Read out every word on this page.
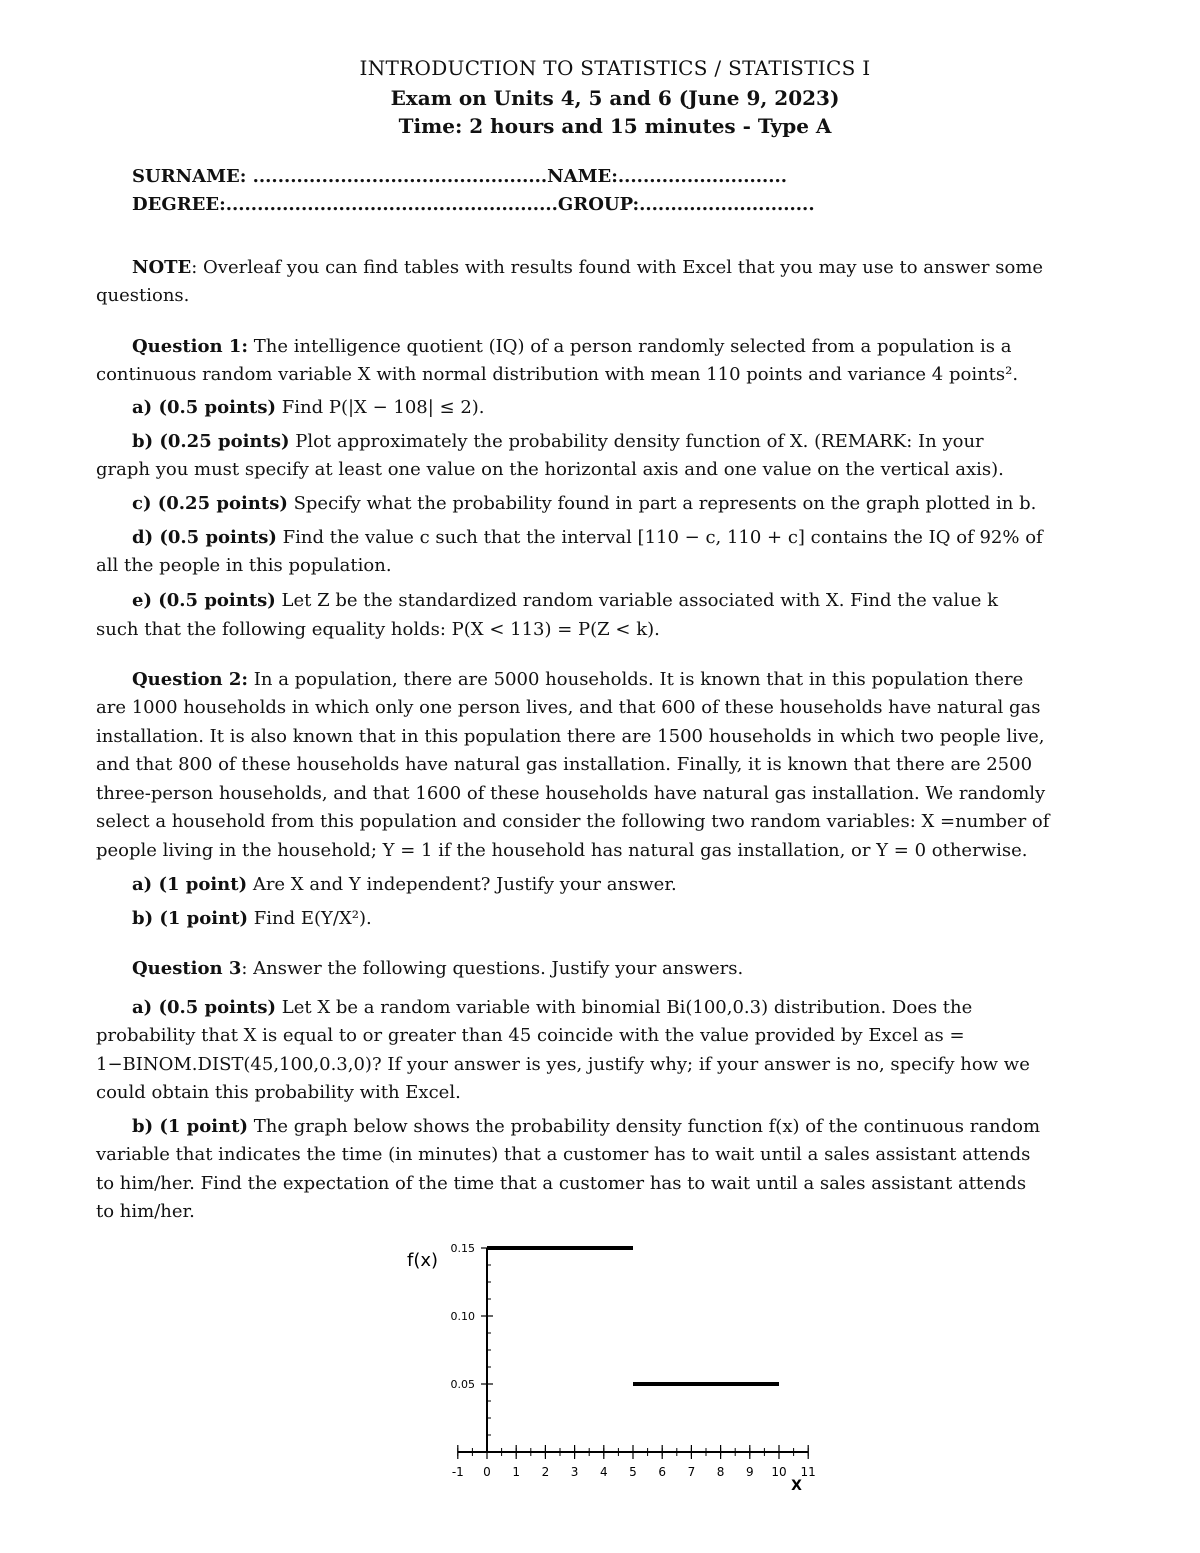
INTRODUCTION TO STATISTICS / STATISTICS I
Exam on Units 4, 5 and 6 (June 9, 2023)
Time: 2 hours and 15 minutes - Type A
SURNAME: ...............................................NAME:...........................
DEGREE:.....................................................GROUP:............................
NOTE: Overleaf you can find tables with results found with Excel that you may use to answer some
questions.
Question 1: The intelligence quotient (IQ) of a person randomly selected from a population is a
continuous random variable X with normal distribution with mean 110 points and variance 4 points².
a) (0.5 points) Find P(|X − 108| ≤ 2).
b) (0.25 points) Plot approximately the probability density function of X. (REMARK: In your
graph you must specify at least one value on the horizontal axis and one value on the vertical axis).
c) (0.25 points) Specify what the probability found in part a represents on the graph plotted in b.
d) (0.5 points) Find the value c such that the interval [110 − c, 110 + c] contains the IQ of 92% of
all the people in this population.
e) (0.5 points) Let Z be the standardized random variable associated with X. Find the value k
such that the following equality holds: P(X < 113) = P(Z < k).
Question 2: In a population, there are 5000 households. It is known that in this population there
are 1000 households in which only one person lives, and that 600 of these households have natural gas
installation. It is also known that in this population there are 1500 households in which two people live,
and that 800 of these households have natural gas installation. Finally, it is known that there are 2500
three-person households, and that 1600 of these households have natural gas installation. We randomly
select a household from this population and consider the following two random variables: X =number of
people living in the household; Y = 1 if the household has natural gas installation, or Y = 0 otherwise.
a) (1 point) Are X and Y independent? Justify your answer.
b) (1 point) Find E(Y/X²).
Question 3: Answer the following questions. Justify your answers.
a) (0.5 points) Let X be a random variable with binomial Bi(100,0.3) distribution. Does the
probability that X is equal to or greater than 45 coincide with the value provided by Excel as =
1−BINOM.DIST(45,100,0.3,0)? If your answer is yes, justify why; if your answer is no, specify how we
could obtain this probability with Excel.
b) (1 point) The graph below shows the probability density function f(x) of the continuous random
variable that indicates the time (in minutes) that a customer has to wait until a sales assistant attends
to him/her. Find the expectation of the time that a customer has to wait until a sales assistant attends
to him/her.
0.05
0.10
0.15
-1 0 1 2 3 4 5 6 7 8 9 10 11
f(x)
X
